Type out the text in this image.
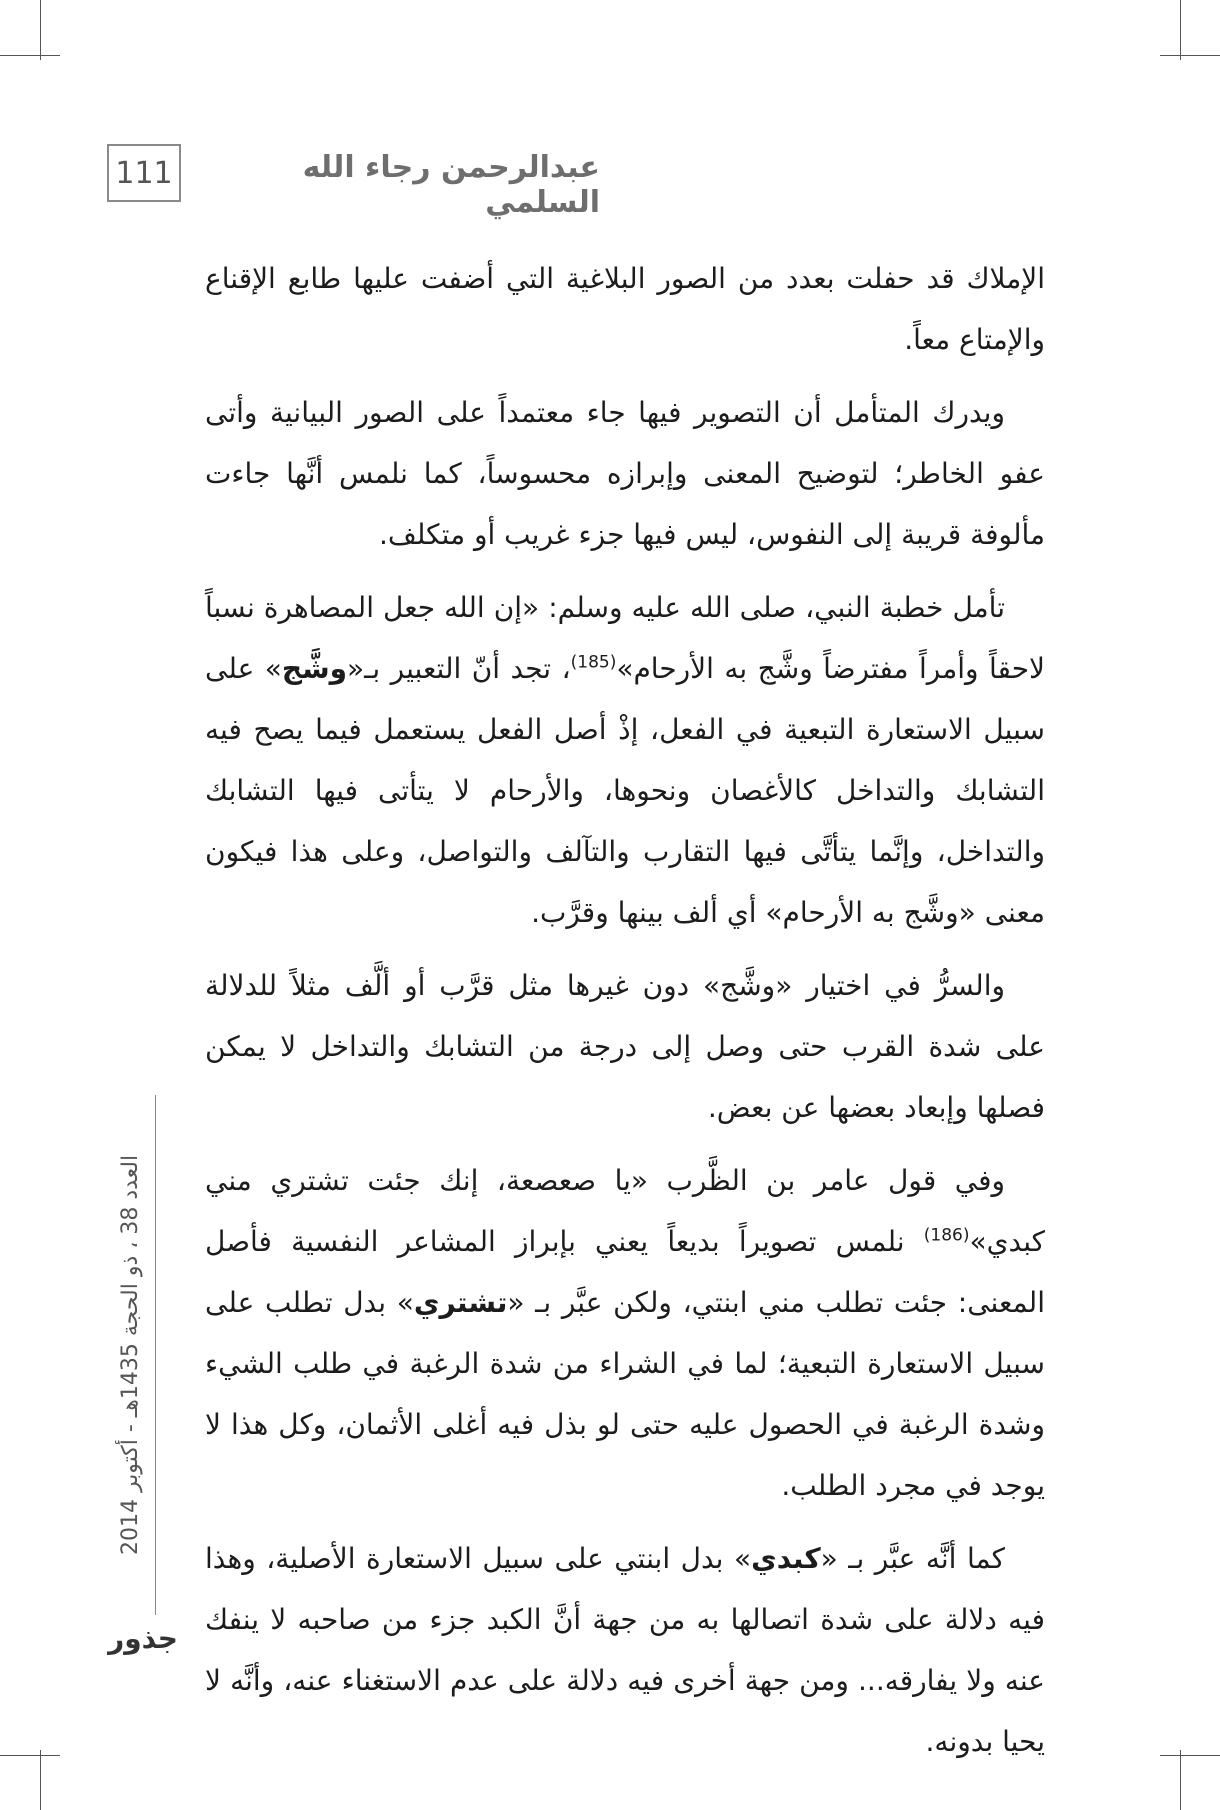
111	عبدالرحمن رجاء الله السلمي

الإملاك قد حفلت بعدد من الصور البلاغية التي أضفت عليها طابع الإقناع والإمتاع معاً.

ويدرك المتأمل أن التصوير فيها جاء معتمداً على الصور البيانية وأتى عفو الخاطر؛ لتوضيح المعنى وإبرازه محسوساً، كما نلمس أنَّها جاءت مألوفة قريبة إلى النفوس، ليس فيها جزء غريب أو متكلف.

تأمل خطبة النبي، صلى الله عليه وسلم: «إن الله جعل المصاهرة نسباً لاحقاً وأمراً مفترضاً وشَّج به الأرحام»$^{(185)}$، تجد أنّ التعبير بـ«وشَّج» على سبيل الاستعارة التبعية في الفعل، إذْ أصل الفعل يستعمل فيما يصح فيه التشابك والتداخل كالأغصان ونحوها، والأرحام لا يتأتى فيها التشابك والتداخل، وإنَّما يتأتَّى فيها التقارب والتآلف والتواصل، وعلى هذا فيكون معنى «وشَّج به الأرحام» أي ألف بينها وقرَّب.

والسرُّ في اختيار «وشَّج» دون غيرها مثل قرَّب أو ألَّف مثلاً للدلالة على شدة القرب حتى وصل إلى درجة من التشابك والتداخل لا يمكن فصلها وإبعاد بعضها عن بعض.

وفي قول عامر بن الظَّرب «يا صعصعة، إنك جئت تشتري مني كبدي»$^{(186)}$ نلمس تصويراً بديعاً يعني بإبراز المشاعر النفسية فأصل المعنى: جئت تطلب مني ابنتي، ولكن عبَّر بـ «تشتري» بدل تطلب على سبيل الاستعارة التبعية؛ لما في الشراء من شدة الرغبة في طلب الشيء وشدة الرغبة في الحصول عليه حتى لو بذل فيه أغلى الأثمان، وكل هذا لا يوجد في مجرد الطلب.

كما أنَّه عبَّر بـ «كبدي» بدل ابنتي على سبيل الاستعارة الأصلية، وهذا فيه دلالة على شدة اتصالها به من جهة أنَّ الكبد جزء من صاحبه لا ينفك عنه ولا يفارقه... ومن جهة أخرى فيه دلالة على عدم الاستغناء عنه، وأنَّه لا يحيا بدونه.

العدد 38 ، ذو الحجة 1435هـ - أكتوبر 2014
جذور
